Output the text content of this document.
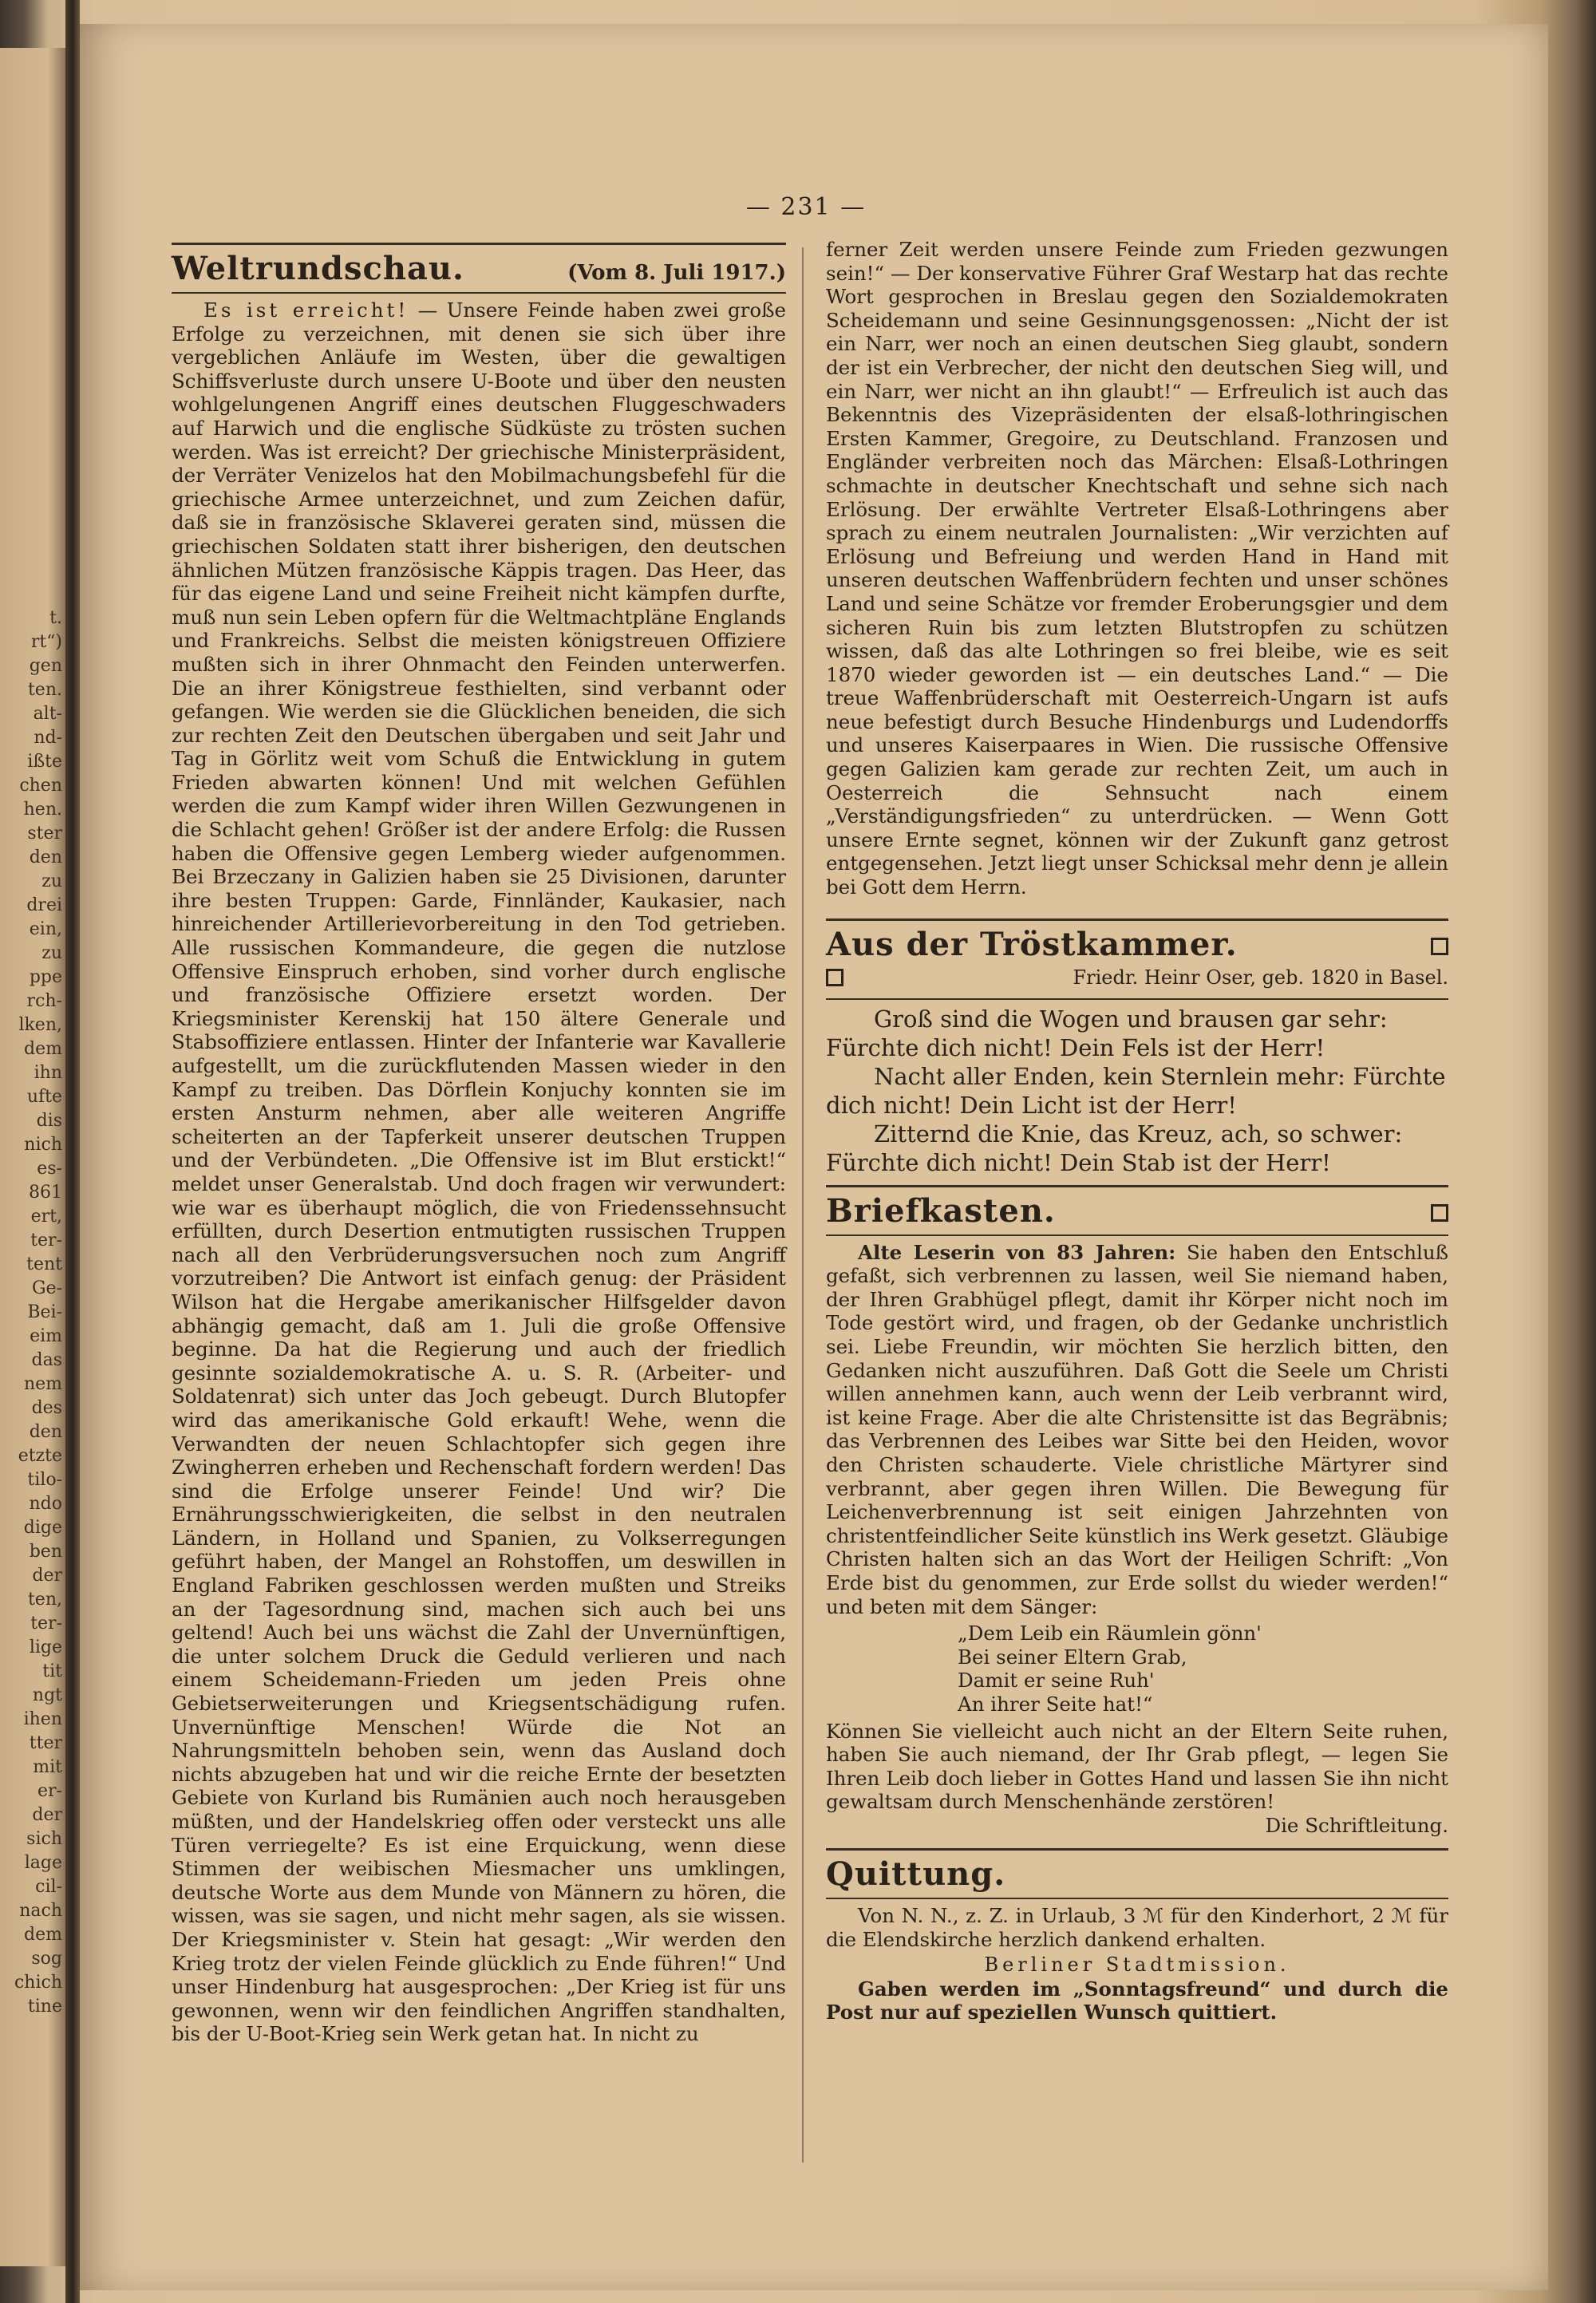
t.
rt“)
gen
ten.
alt-
nd-
ißte
chen
hen.
ster
den
zu
drei
ein,
zu
ppe
rch-
lken,
dem
ihn
ufte
dis
nich
es-
861
ert,
ter-
tent
Ge-
Bei-
eim
das
nem
des
den
etzte
tilo-
ndo
dige
ben
der
ten,
ter-
lige
tit
ngt
ihen
tter
mit
er-
der
sich
lage
cil-
nach
dem
sog
chich
tine
— 231 —
Weltrundschau.	(Vom 8. Juli 1917.)

Es ist erreicht! — Unsere Feinde haben zwei große Erfolge zu verzeichnen, mit denen sie sich über ihre vergeblichen Anläufe im Westen, über die gewaltigen Schiffsverluste durch unsere U-Boote und über den neusten wohlgelungenen Angriff eines deutschen Fluggeschwaders auf Harwich und die englische Südküste zu trösten suchen werden. Was ist erreicht? Der griechische Ministerpräsident, der Verräter Venizelos hat den Mobilmachungsbefehl für die griechische Armee unterzeichnet, und zum Zeichen dafür, daß sie in französische Sklaverei geraten sind, müssen die griechischen Soldaten statt ihrer bisherigen, den deutschen ähnlichen Mützen französische Käppis tragen. Das Heer, das für das eigene Land und seine Freiheit nicht kämpfen durfte, muß nun sein Leben opfern für die Weltmachtpläne Englands und Frankreichs. Selbst die meisten königstreuen Offiziere mußten sich in ihrer Ohnmacht den Feinden unterwerfen. Die an ihrer Königstreue festhielten, sind verbannt oder gefangen. Wie werden sie die Glücklichen beneiden, die sich zur rechten Zeit den Deutschen übergaben und seit Jahr und Tag in Görlitz weit vom Schuß die Entwicklung in gutem Frieden abwarten können! Und mit welchen Gefühlen werden die zum Kampf wider ihren Willen Gezwungenen in die Schlacht gehen! Größer ist der andere Erfolg: die Russen haben die Offensive gegen Lemberg wieder aufgenommen. Bei Brzeczany in Galizien haben sie 25 Divisionen, darunter ihre besten Truppen: Garde, Finnländer, Kaukasier, nach hinreichender Artillerievorbereitung in den Tod getrieben. Alle russischen Kommandeure, die gegen die nutzlose Offensive Einspruch erhoben, sind vorher durch englische und französische Offiziere ersetzt worden. Der Kriegsminister Kerenskij hat 150 ältere Generale und Stabsoffiziere entlassen. Hinter der Infanterie war Kavallerie aufgestellt, um die zurückflutenden Massen wieder in den Kampf zu treiben. Das Dörflein Konjuchy konnten sie im ersten Ansturm nehmen, aber alle weiteren Angriffe scheiterten an der Tapferkeit unserer deutschen Truppen und der Verbündeten. „Die Offensive ist im Blut erstickt!“ meldet unser Generalstab. Und doch fragen wir verwundert: wie war es überhaupt möglich, die von Friedenssehnsucht erfüllten, durch Desertion entmutigten russischen Truppen nach all den Verbrüderungsversuchen noch zum Angriff vorzutreiben? Die Antwort ist einfach genug: der Präsident Wilson hat die Hergabe amerikanischer Hilfsgelder davon abhängig gemacht, daß am 1. Juli die große Offensive beginne. Da hat die Regierung und auch der friedlich gesinnte sozialdemokratische A. u. S. R. (Arbeiter- und Soldatenrat) sich unter das Joch gebeugt. Durch Blutopfer wird das amerikanische Gold erkauft! Wehe, wenn die Verwandten der neuen Schlachtopfer sich gegen ihre Zwingherren erheben und Rechenschaft fordern werden! Das sind die Erfolge unserer Feinde! Und wir? Die Ernährungsschwierigkeiten, die selbst in den neutralen Ländern, in Holland und Spanien, zu Volkserregungen geführt haben, der Mangel an Rohstoffen, um deswillen in England Fabriken geschlossen werden mußten und Streiks an der Tagesordnung sind, machen sich auch bei uns geltend! Auch bei uns wächst die Zahl der Unvernünftigen, die unter solchem Druck die Geduld verlieren und nach einem Scheidemann-Frieden um jeden Preis ohne Gebietserweiterungen und Kriegsentschädigung rufen. Unvernünftige Menschen! Würde die Not an Nahrungsmitteln behoben sein, wenn das Ausland doch nichts abzugeben hat und wir die reiche Ernte der besetzten Gebiete von Kurland bis Rumänien auch noch herausgeben müßten, und der Handelskrieg offen oder versteckt uns alle Türen verriegelte? Es ist eine Erquickung, wenn diese Stimmen der weibischen Miesmacher uns umklingen, deutsche Worte aus dem Munde von Männern zu hören, die wissen, was sie sagen, und nicht mehr sagen, als sie wissen. Der Kriegsminister v. Stein hat gesagt: „Wir werden den Krieg trotz der vielen Feinde glücklich zu Ende führen!“ Und unser Hindenburg hat ausgesprochen: „Der Krieg ist für uns gewonnen, wenn wir den feindlichen Angriffen standhalten, bis der U-Boot-Krieg sein Werk getan hat. In nicht zu

ferner Zeit werden unsere Feinde zum Frieden gezwungen sein!“ — Der konservative Führer Graf Westarp hat das rechte Wort gesprochen in Breslau gegen den Sozialdemokraten Scheidemann und seine Gesinnungsgenossen: „Nicht der ist ein Narr, wer noch an einen deutschen Sieg glaubt, sondern der ist ein Verbrecher, der nicht den deutschen Sieg will, und ein Narr, wer nicht an ihn glaubt!“ — Erfreulich ist auch das Bekenntnis des Vizepräsidenten der elsaß-lothringischen Ersten Kammer, Gregoire, zu Deutschland. Franzosen und Engländer verbreiten noch das Märchen: Elsaß-Lothringen schmachte in deutscher Knechtschaft und sehne sich nach Erlösung. Der erwählte Vertreter Elsaß-Lothringens aber sprach zu einem neutralen Journalisten: „Wir verzichten auf Erlösung und Befreiung und werden Hand in Hand mit unseren deutschen Waffenbrüdern fechten und unser schönes Land und seine Schätze vor fremder Eroberungsgier und dem sicheren Ruin bis zum letzten Blutstropfen zu schützen wissen, daß das alte Lothringen so frei bleibe, wie es seit 1870 wieder geworden ist — ein deutsches Land.“ — Die treue Waffenbrüderschaft mit Oesterreich-Ungarn ist aufs neue befestigt durch Besuche Hindenburgs und Ludendorffs und unseres Kaiserpaares in Wien. Die russische Offensive gegen Galizien kam gerade zur rechten Zeit, um auch in Oesterreich die Sehnsucht nach einem „Verständigungsfrieden“ zu unterdrücken. — Wenn Gott unsere Ernte segnet, können wir der Zukunft ganz getrost entgegensehen. Jetzt liegt unser Schicksal mehr denn je allein bei Gott dem Herrn.

Aus der Tröstkammer.
Friedr. Heinr Oser, geb. 1820 in Basel.

Groß sind die Wogen und brausen gar sehr:

Fürchte dich nicht! Dein Fels ist der Herr!

Nacht aller Enden, kein Sternlein mehr: Fürchte

dich nicht! Dein Licht ist der Herr!

Zitternd die Knie, das Kreuz, ach, so schwer:

Fürchte dich nicht! Dein Stab ist der Herr!

Briefkasten.

Alte Leserin von 83 Jahren: Sie haben den Entschluß gefaßt, sich verbrennen zu lassen, weil Sie niemand haben, der Ihren Grabhügel pflegt, damit ihr Körper nicht noch im Tode gestört wird, und fragen, ob der Gedanke unchristlich sei. Liebe Freundin, wir möchten Sie herzlich bitten, den Gedanken nicht auszuführen. Daß Gott die Seele um Christi willen annehmen kann, auch wenn der Leib verbrannt wird, ist keine Frage. Aber die alte Christensitte ist das Begräbnis; das Verbrennen des Leibes war Sitte bei den Heiden, wovor den Christen schauderte. Viele christliche Märtyrer sind verbrannt, aber gegen ihren Willen. Die Bewegung für Leichenverbrennung ist seit einigen Jahrzehnten von christentfeindlicher Seite künstlich ins Werk gesetzt. Gläubige Christen halten sich an das Wort der Heiligen Schrift: „Von Erde bist du genommen, zur Erde sollst du wieder werden!“ und beten mit dem Sänger:

„Dem Leib ein Räumlein gönn'

Bei seiner Eltern Grab,

Damit er seine Ruh'

An ihrer Seite hat!“

Können Sie vielleicht auch nicht an der Eltern Seite ruhen, haben Sie auch niemand, der Ihr Grab pflegt, — legen Sie Ihren Leib doch lieber in Gottes Hand und lassen Sie ihn nicht gewaltsam durch Menschenhände zerstören!

Die Schriftleitung.

Quittung.

Von N. N., z. Z. in Urlaub, 3 ℳ für den Kinderhort, 2 ℳ für die Elendskirche herzlich dankend erhalten.

Berliner Stadtmission.

Gaben werden im „Sonntagsfreund“ und durch die Post nur auf speziellen Wunsch quittiert.
